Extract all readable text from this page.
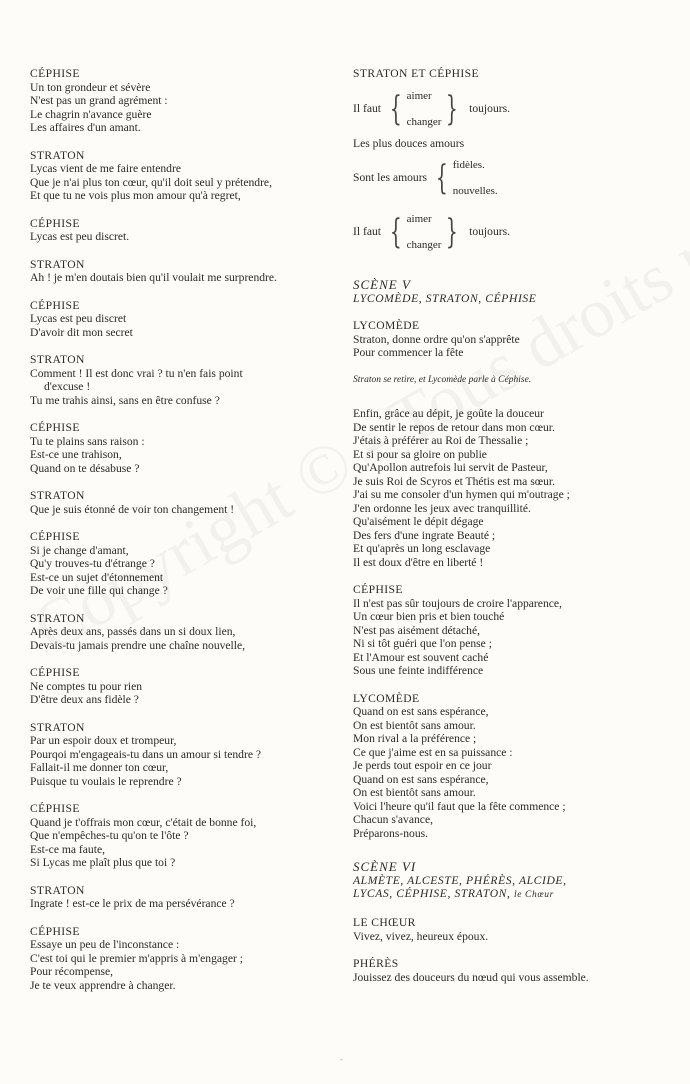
CÉPHISE
Un ton grondeur et sévère
N'est pas un grand agrément :
Le chagrin n'avance guère
Les affaires d'un amant.
STRATON
Lycas vient de me faire entendre
Que je n'ai plus ton cœur, qu'il doit seul y prétendre,
Et que tu ne vois plus mon amour qu'à regret,
CÉPHISE
Lycas est peu discret.
STRATON
Ah ! je m'en doutais bien qu'il voulait me surprendre.
CÉPHISE
Lycas est peu discret
D'avoir dit mon secret
STRATON
Comment ! Il est donc vrai ? tu n'en fais point
d'excuse !
Tu me trahis ainsi, sans en être confuse ?
CÉPHISE
Tu te plains sans raison :
Est-ce une trahison,
Quand on te désabuse ?
STRATON
Que je suis étonné de voir ton changement !
CÉPHISE
Si je change d'amant,
Qu'y trouves-tu d'étrange ?
Est-ce un sujet d'étonnement
De voir une fille qui change ?
STRATON
Après deux ans, passés dans un si doux lien,
Devais-tu jamais prendre une chaîne nouvelle,
CÉPHISE
Ne comptes tu pour rien
D'être deux ans fidèle ?
STRATON
Par un espoir doux et trompeur,
Pourqoi m'engageais-tu dans un amour si tendre ?
Fallait-il me donner ton cœur,
Puisque tu voulais le reprendre ?
CÉPHISE
Quand je t'offrais mon cœur, c'était de bonne foi,
Que n'empêches-tu qu'on te l'ôte ?
Est-ce ma faute,
Si Lycas me plaît plus que toi ?
STRATON
Ingrate ! est-ce le prix de ma persévérance ?
CÉPHISE
Essaye un peu de l'inconstance :
C'est toi qui le premier m'appris à m'engager ;
Pour récompense,
Je te veux apprendre à changer.
STRATON ET CÉPHISE
Il faut { aimer
changer } toujours.
Les plus douces amours
Sont les amours { fidèles.
nouvelles.
Il faut { aimer
changer } toujours.
SCÈNE V
LYCOMÈDE, STRATON, CÉPHISE
LYCOMÈDE
Straton, donne ordre qu'on s'apprête
Pour commencer la fête
Straton se retire, et Lycomède parle à Céphise.
Enfin, grâce au dépit, je goûte la douceur
De sentir le repos de retour dans mon cœur.
J'étais à préférer au Roi de Thessalie ;
Et si pour sa gloire on publie
Qu'Apollon autrefois lui servit de Pasteur,
Je suis Roi de Scyros et Thétis est ma sœur.
J'ai su me consoler d'un hymen qui m'outrage ;
J'en ordonne les jeux avec tranquillité.
Qu'aisément le dépit dégage
Des fers d'une ingrate Beauté ;
Et qu'après un long esclavage
Il est doux d'être en liberté !
CÉPHISE
Il n'est pas sûr toujours de croire l'apparence,
Un cœur bien pris et bien touché
N'est pas aisément détaché,
Ni si tôt guéri que l'on pense ;
Et l'Amour est souvent caché
Sous une feinte indifférence
LYCOMÈDE
Quand on est sans espérance,
On est bientôt sans amour.
Mon rival a la préférence ;
Ce que j'aime est en sa puissance :
Je perds tout espoir en ce jour
Quand on est sans espérance,
On est bientôt sans amour.
Voici l'heure qu'il faut que la fête commence ;
Chacun s'avance,
Préparons-nous.
SCÈNE VI
ALMÈTE, ALCESTE, PHÉRÈS, ALCIDE,
LYCAS, CÉPHISE, STRATON, le Chœur
LE CHŒUR
Vivez, vivez, heureux époux.
PHÉRÈS
Jouissez des douceurs du nœud qui vous assemble.
-
